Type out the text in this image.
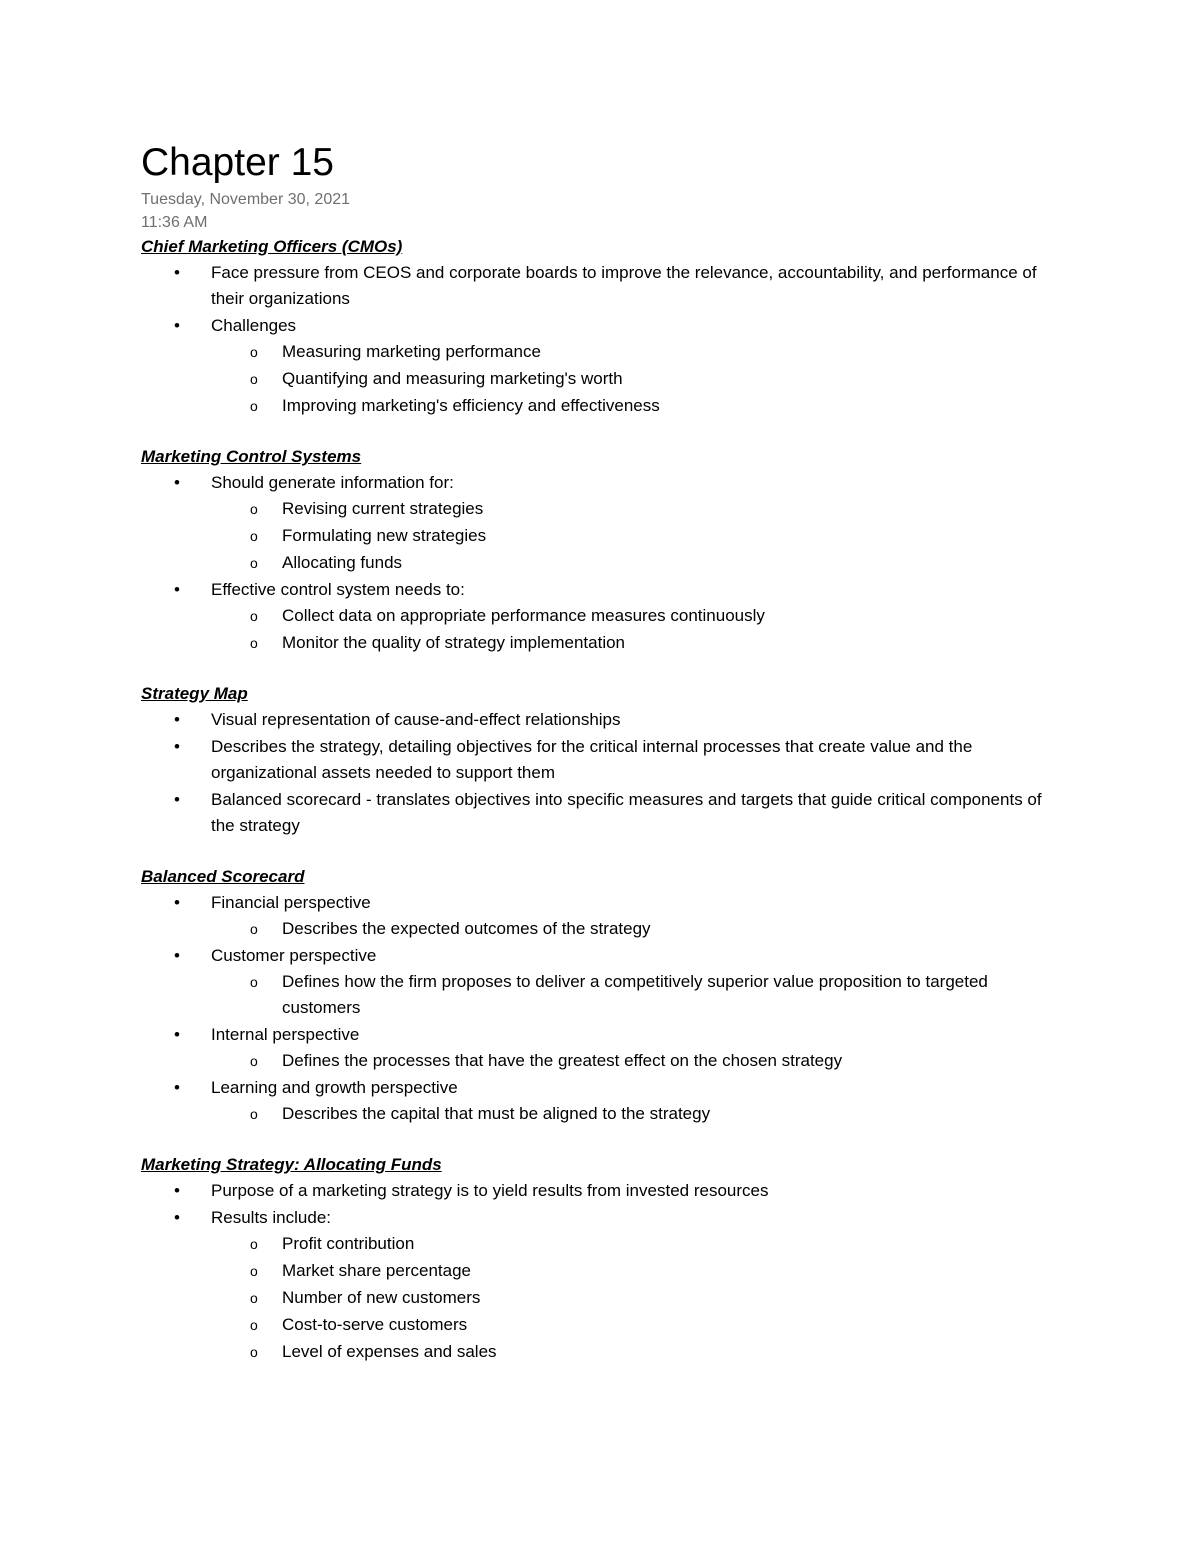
Chapter 15
Tuesday, November 30, 2021
11:36 AM
Chief Marketing Officers (CMOs)
• Face pressure from CEOS and corporate boards to improve the relevance, accountability, and performance of their organizations
• Challenges
o Measuring marketing performance
o Quantifying and measuring marketing's worth
o Improving marketing's efficiency and effectiveness
Marketing Control Systems
• Should generate information for:
o Revising current strategies
o Formulating new strategies
o Allocating funds
• Effective control system needs to:
o Collect data on appropriate performance measures continuously
o Monitor the quality of strategy implementation
Strategy Map
• Visual representation of cause-and-effect relationships
• Describes the strategy, detailing objectives for the critical internal processes that create value and the organizational assets needed to support them
• Balanced scorecard - translates objectives into specific measures and targets that guide critical components of the strategy
Balanced Scorecard
• Financial perspective
o Describes the expected outcomes of the strategy
• Customer perspective
o Defines how the firm proposes to deliver a competitively superior value proposition to targeted customers
• Internal perspective
o Defines the processes that have the greatest effect on the chosen strategy
• Learning and growth perspective
o Describes the capital that must be aligned to the strategy
Marketing Strategy: Allocating Funds
• Purpose of a marketing strategy is to yield results from invested resources
• Results include:
o Profit contribution
o Market share percentage
o Number of new customers
o Cost-to-serve customers
o Level of expenses and sales
